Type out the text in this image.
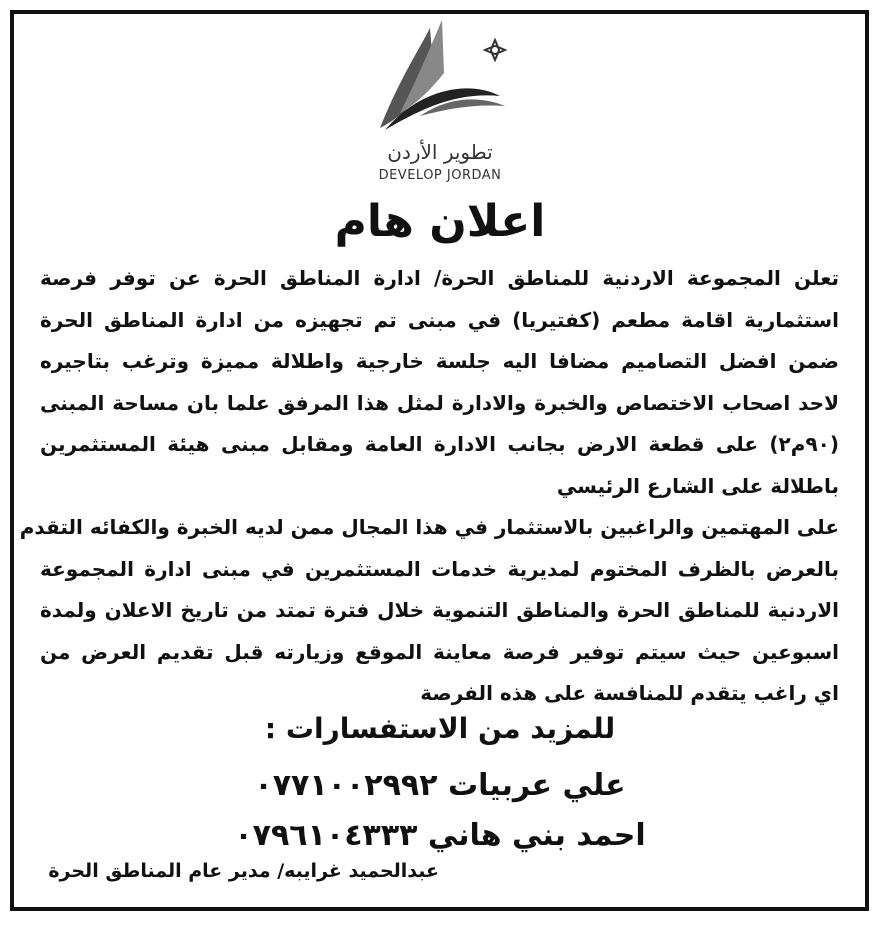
تطوير الأردن
DEVELOP JORDAN
اعلان هام

تعلن المجموعة الاردنية للمناطق الحرة/ ادارة المناطق الحرة عن توفر فرصة
استثمارية اقامة مطعم (كفتيريا) في مبنى تم تجهيزه من ادارة المناطق الحرة
ضمن افضل التصاميم مضافا اليه جلسة خارجية واطلالة مميزة وترغب بتاجيره
لاحد اصحاب الاختصاص والخبرة والادارة لمثل هذا المرفق علما بان مساحة المبنى
(٩٠م٢) على قطعة الارض بجانب الادارة العامة ومقابل مبنى هيئة المستثمرين
باطلالة على الشارع الرئيسي

على المهتمين والراغبين بالاستثمار في هذا المجال ممن لديه الخبرة والكفائه التقدم
بالعرض بالظرف المختوم لمديرية خدمات المستثمرين في مبنى ادارة المجموعة
الاردنية للمناطق الحرة والمناطق التنموية خلال فترة تمتد من تاريخ الاعلان ولمدة
اسبوعين حيث سيتم توفير فرصة معاينة الموقع وزيارته قبل تقديم العرض من
اي راغب يتقدم للمنافسة على هذه الفرصة

للمزيد من الاستفسارات :
علي عربيات ٠٧٧١٠٠٢٩٩٢
احمد بني هاني ٠٧٩٦١٠٤٣٣٣
عبدالحميد غرايبه/ مدير عام المناطق الحرة
